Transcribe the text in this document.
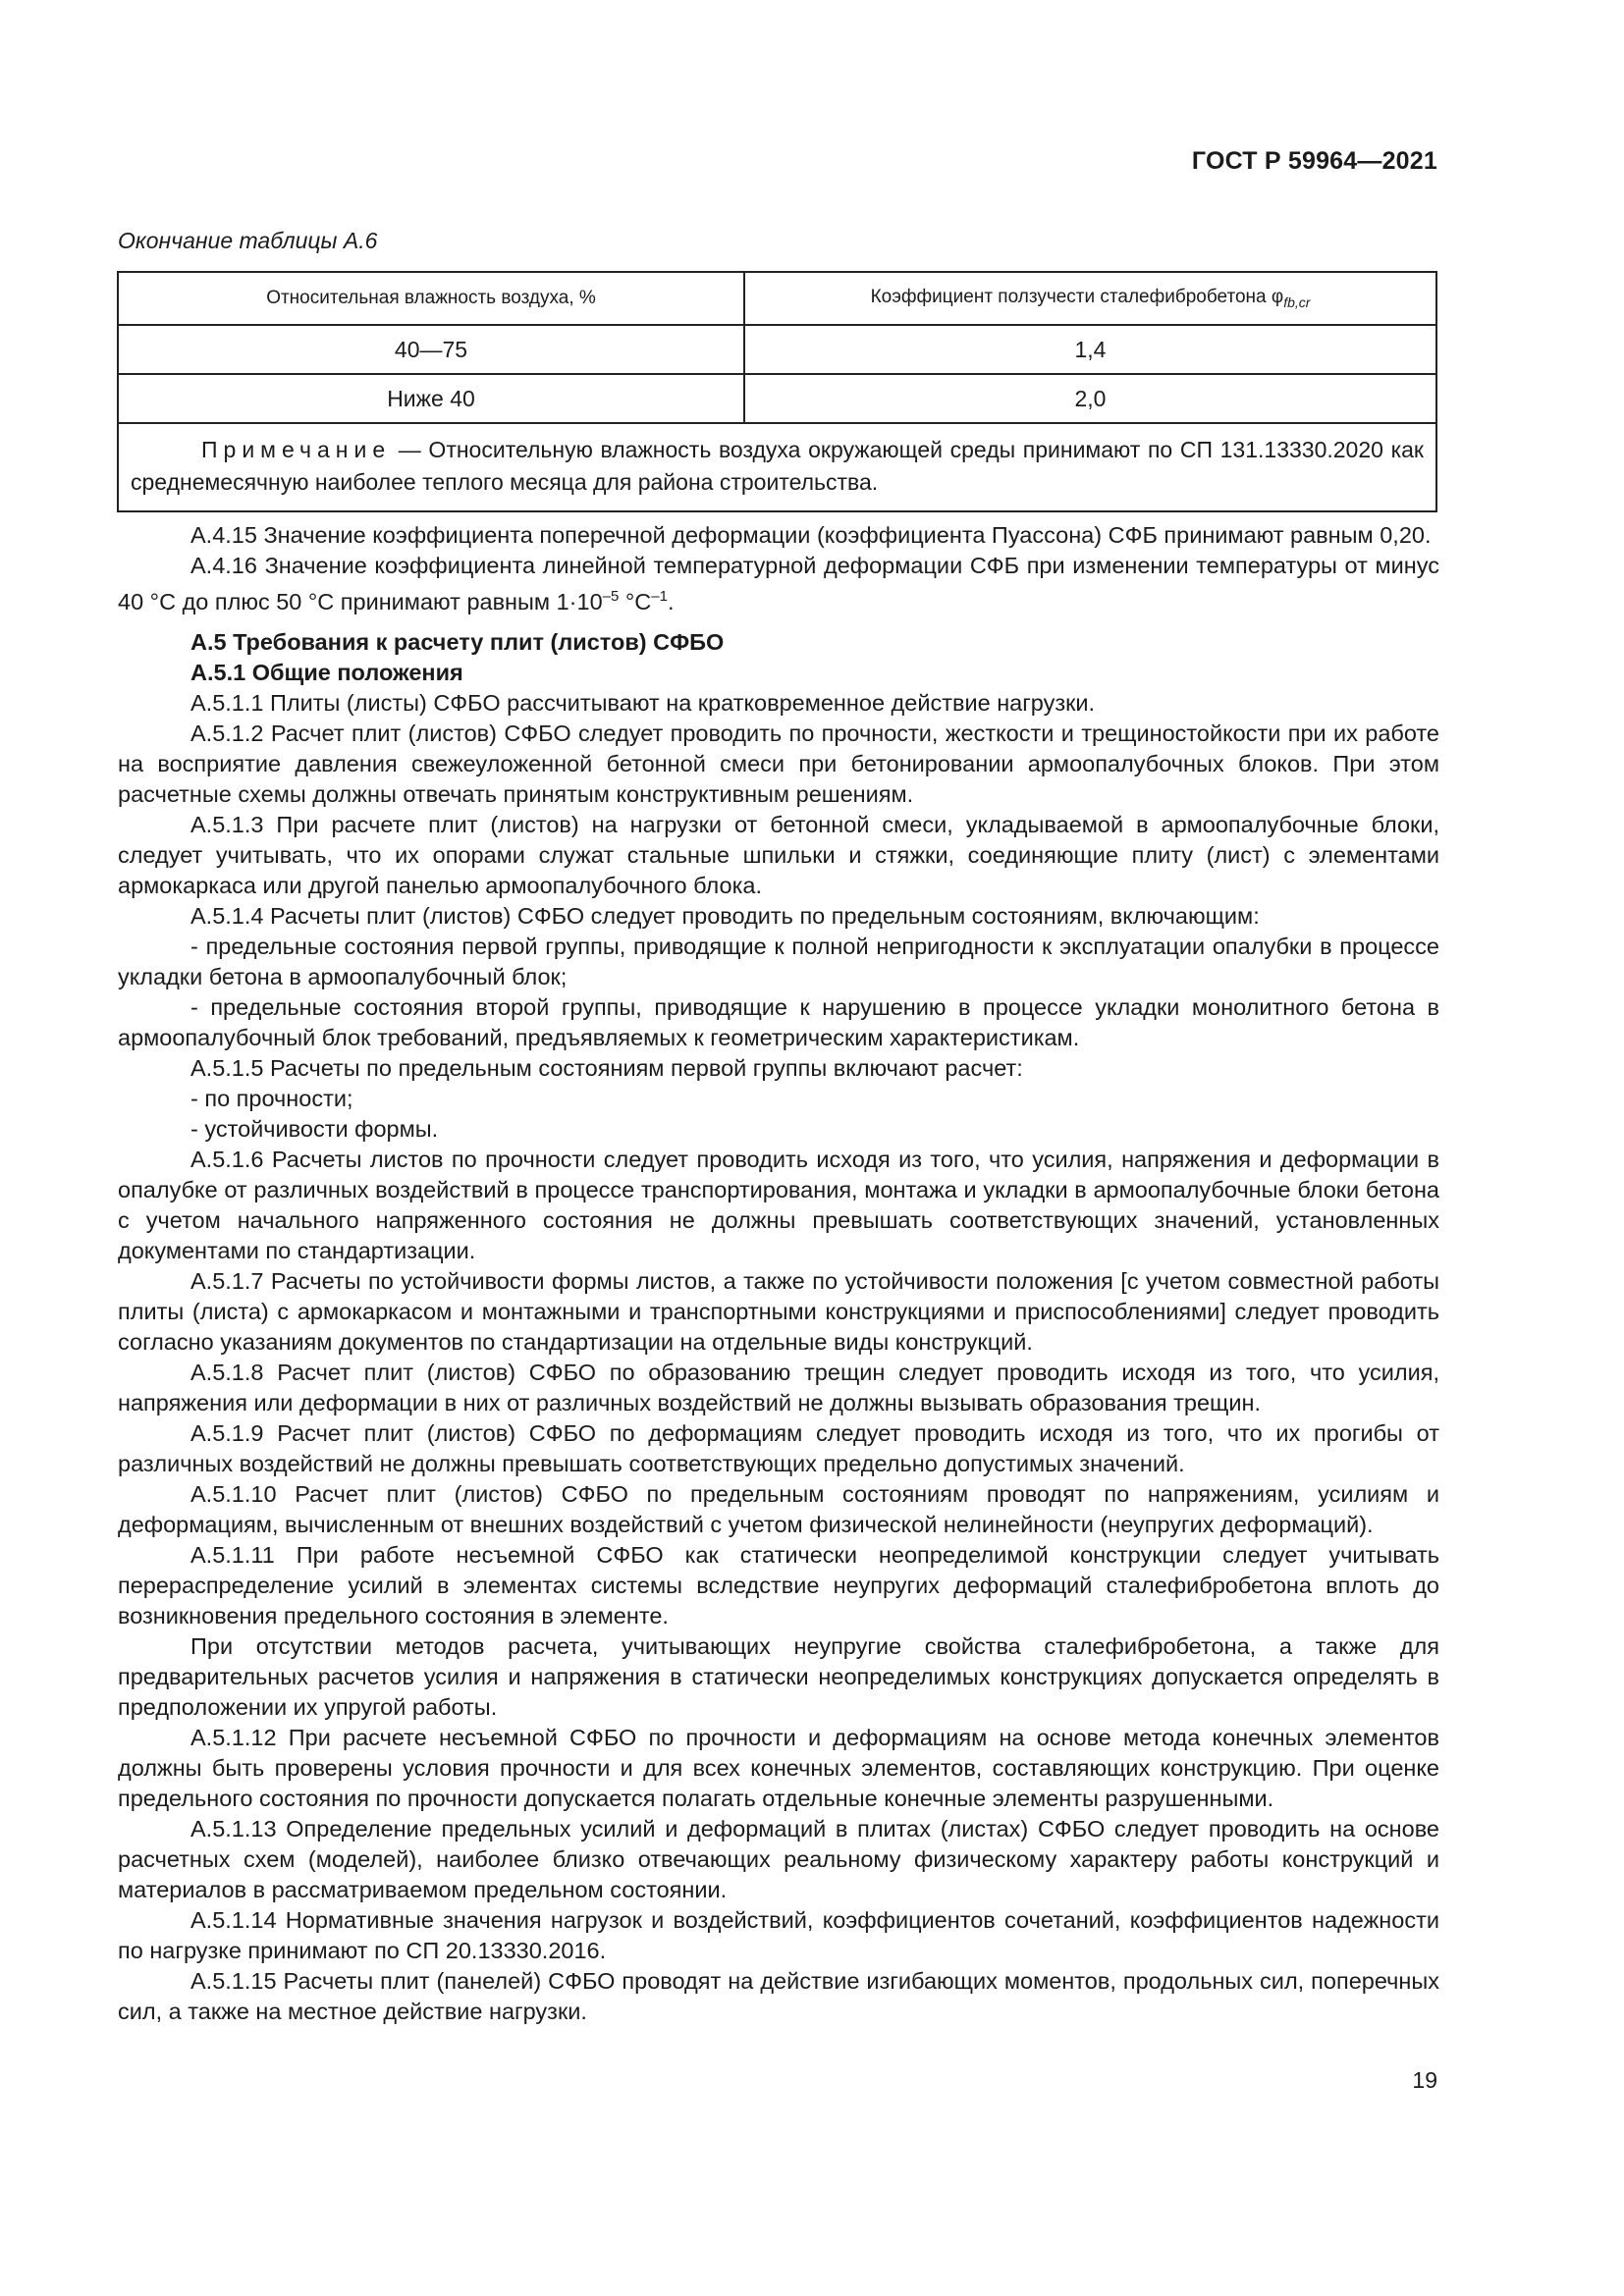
ГОСТ Р 59964—2021
Окончание таблицы А.6
Относительная влажность воздуха, %	Коэффициент ползучести сталефибробетона $\varphi_{fb,cr}$
40—75	1,4
Ниже 40	2,0
Примечание — Относительную влажность воздуха окружающей среды принимают по СП 131.13330.2020 как среднемесячную наиболее теплого месяца для района строительства.	

А.4.15 Значение коэффициента поперечной деформации (коэффициента Пуассона) СФБ принимают равным 0,20.

А.4.16 Значение коэффициента линейной температурной деформации СФБ при изменении температуры от минус 40 °С до плюс 50 °С принимают равным $1\cdot 10^{-5}$ $^\circ С^{-1}$.

А.5 Требования к расчету плит (листов) СФБО

А.5.1 Общие положения

А.5.1.1 Плиты (листы) СФБО рассчитывают на кратковременное действие нагрузки.

А.5.1.2 Расчет плит (листов) СФБО следует проводить по прочности, жесткости и трещиностойкости при их работе на восприятие давления свежеуложенной бетонной смеси при бетонировании армоопалубочных блоков. При этом расчетные схемы должны отвечать принятым конструктивным решениям.

А.5.1.3 При расчете плит (листов) на нагрузки от бетонной смеси, укладываемой в армоопалубочные блоки, следует учитывать, что их опорами служат стальные шпильки и стяжки, соединяющие плиту (лист) с элементами армокаркаса или другой панелью армоопалубочного блока.

А.5.1.4 Расчеты плит (листов) СФБО следует проводить по предельным состояниям, включающим:

- предельные состояния первой группы, приводящие к полной непригодности к эксплуатации опалубки в процессе укладки бетона в армоопалубочный блок;

- предельные состояния второй группы, приводящие к нарушению в процессе укладки монолитного бетона в армоопалубочный блок требований, предъявляемых к геометрическим характеристикам.

А.5.1.5 Расчеты по предельным состояниям первой группы включают расчет:

- по прочности;

- устойчивости формы.

А.5.1.6 Расчеты листов по прочности следует проводить исходя из того, что усилия, напряжения и деформации в опалубке от различных воздействий в процессе транспортирования, монтажа и укладки в армоопалубочные блоки бетона с учетом начального напряженного состояния не должны превышать соответствующих значений, установленных документами по стандартизации.

А.5.1.7 Расчеты по устойчивости формы листов, а также по устойчивости положения [с учетом совместной работы плиты (листа) с армокаркасом и монтажными и транспортными конструкциями и приспособлениями] следует проводить согласно указаниям документов по стандартизации на отдельные виды конструкций.

А.5.1.8 Расчет плит (листов) СФБО по образованию трещин следует проводить исходя из того, что усилия, напряжения или деформации в них от различных воздействий не должны вызывать образования трещин.

А.5.1.9 Расчет плит (листов) СФБО по деформациям следует проводить исходя из того, что их прогибы от различных воздействий не должны превышать соответствующих предельно допустимых значений.

А.5.1.10 Расчет плит (листов) СФБО по предельным состояниям проводят по напряжениям, усилиям и деформациям, вычисленным от внешних воздействий с учетом физической нелинейности (неупругих деформаций).

А.5.1.11 При работе несъемной СФБО как статически неопределимой конструкции следует учитывать перераспределение усилий в элементах системы вследствие неупругих деформаций сталефибробетона вплоть до возникновения предельного состояния в элементе.

При отсутствии методов расчета, учитывающих неупругие свойства сталефибробетона, а также для предварительных расчетов усилия и напряжения в статически неопределимых конструкциях допускается определять в предположении их упругой работы.

А.5.1.12 При расчете несъемной СФБО по прочности и деформациям на основе метода конечных элементов должны быть проверены условия прочности и для всех конечных элементов, составляющих конструкцию. При оценке предельного состояния по прочности допускается полагать отдельные конечные элементы разрушенными.

А.5.1.13 Определение предельных усилий и деформаций в плитах (листах) СФБО следует проводить на основе расчетных схем (моделей), наиболее близко отвечающих реальному физическому характеру работы конструкций и материалов в рассматриваемом предельном состоянии.

А.5.1.14 Нормативные значения нагрузок и воздействий, коэффициентов сочетаний, коэффициентов надежности по нагрузке принимают по СП 20.13330.2016.

А.5.1.15 Расчеты плит (панелей) СФБО проводят на действие изгибающих моментов, продольных сил, поперечных сил, а также на местное действие нагрузки.

19
